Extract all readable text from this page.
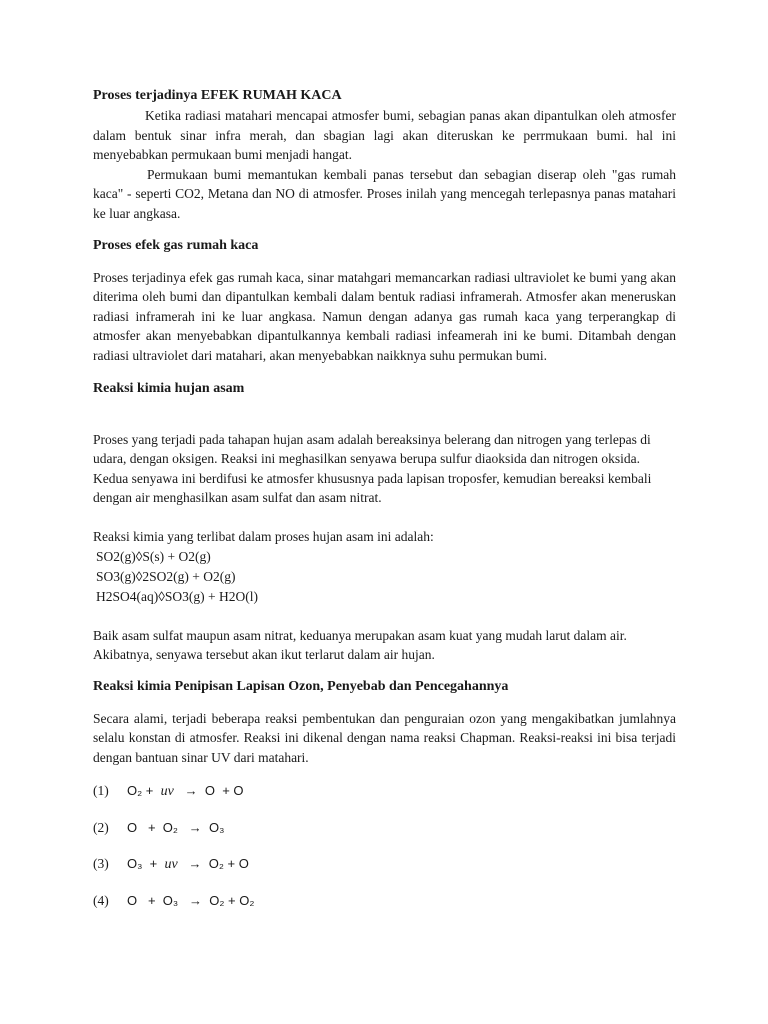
Proses terjadinya EFEK RUMAH KACA

Ketika radiasi matahari mencapai atmosfer bumi, sebagian panas akan dipantulkan oleh atmosfer dalam bentuk sinar infra merah, dan sbagian lagi akan diteruskan ke perrmukaan bumi. hal ini menyebabkan permukaan bumi menjadi hangat.

Permukaan bumi memantukan kembali panas tersebut dan sebagian diserap oleh "gas rumah kaca" - seperti CO2, Metana dan NO di atmosfer. Proses inilah yang mencegah terlepasnya panas matahari ke luar angkasa.

Proses efek gas rumah kaca

Proses terjadinya efek gas rumah kaca, sinar matahgari memancarkan radiasi ultraviolet ke bumi yang akan diterima oleh bumi dan dipantulkan kembali dalam bentuk radiasi inframerah. Atmosfer akan meneruskan radiasi inframerah ini ke luar angkasa. Namun dengan adanya gas rumah kaca yang terperangkap di atmosfer akan menyebabkan dipantulkannya kembali radiasi infeamerah ini ke bumi. Ditambah dengan radiasi ultraviolet dari matahari, akan menyebabkan naikknya suhu permukan bumi.

Reaksi kimia hujan asam

Proses yang terjadi pada tahapan hujan asam adalah bereaksinya belerang dan nitrogen yang terlepas di udara, dengan oksigen. Reaksi ini meghasilkan senyawa berupa sulfur diaoksida dan nitrogen oksida. Kedua senyawa ini berdifusi ke atmosfer khususnya pada lapisan troposfer, kemudian bereaksi kembali dengan air menghasilkan asam sulfat dan asam nitrat.

Reaksi kimia yang terlibat dalam proses hujan asam ini adalah:

SO2(g)◊S(s) + O2(g)

SO3(g)◊2SO2(g) + O2(g)

H2SO4(aq)◊SO3(g) + H2O(l)

Baik asam sulfat maupun asam nitrat, keduanya merupakan asam kuat yang mudah larut dalam air. Akibatnya, senyawa tersebut akan ikut terlarut dalam air hujan.

Reaksi kimia Penipisan Lapisan Ozon, Penyebab dan Pencegahannya

Secara alami, terjadi beberapa reaksi pembentukan dan penguraian ozon yang mengakibatkan jumlahnya selalu konstan di atmosfer. Reaksi ini dikenal dengan nama reaksi Chapman. Reaksi-reaksi ini bisa terjadi dengan bantuan sinar UV dari matahari.

(1)	O₂ +  uv   →  O  + O
(2)	O   +  O₂   →  O₃
(3)	O₃  +  uv   →  O₂ + O
(4)	O   +  O₃   →  O₂ + O₂
